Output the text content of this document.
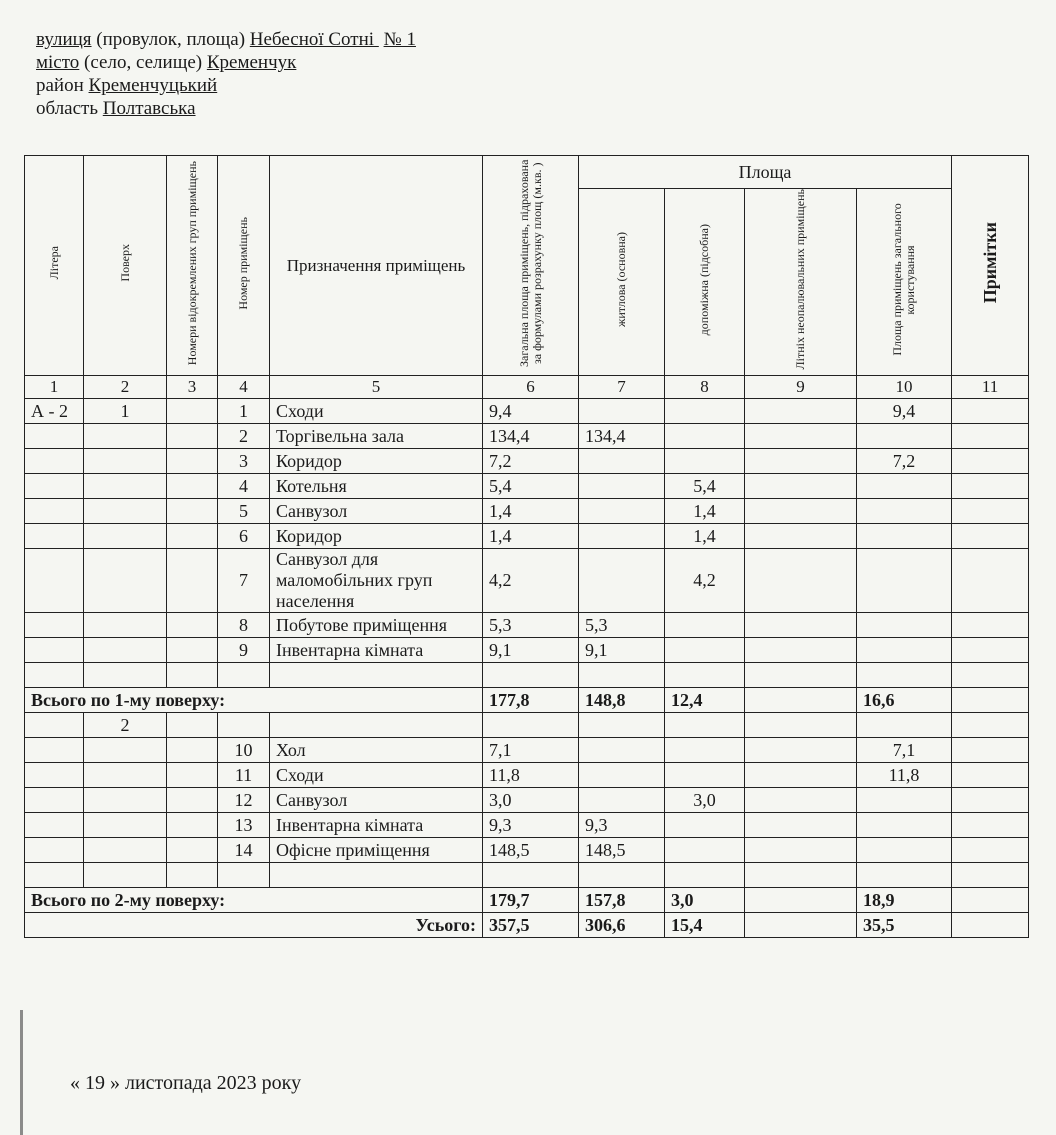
вулиця (провулок, площа) Небесної Сотні  № 1
місто (село, селище) Кременчук
район Кременчуцький
область Полтавська
Літера	Поверх	Номери відокремлених груп приміщень	Номер приміщень	Призначення приміщень	Загальна площа приміщень, підрахована за формулами розрахунку площ (м.кв. )	Площа				Примітки
						житлова (основна)	допоміжна (підсобна)	Літніх неопалювальних приміщень	Площа приміщень загального користування	
1	2	3	4	5	6	7	8	9	10	11
А - 2	1		1	Сходи	9,4				9,4	
			2	Торгівельна зала	134,4	134,4				
			3	Коридор	7,2				7,2	
			4	Котельня	5,4		5,4			
			5	Санвузол	1,4		1,4			
			6	Коридор	1,4		1,4			
			7	Санвузол для маломобільних груп населення	4,2		4,2			
			8	Побутове приміщення	5,3	5,3				
			9	Інвентарна кімната	9,1	9,1				

Всього по 1-му поверху:					177,8	148,8	12,4		16,6	
	2									
			10	Хол	7,1				7,1	
			11	Сходи	11,8				11,8	
			12	Санвузол	3,0		3,0			
			13	Інвентарна кімната	9,3	9,3				
			14	Офісне приміщення	148,5	148,5				

Всього по 2-му поверху:					179,7	157,8	3,0		18,9	
Усього:					357,5	306,6	15,4		35,5	
« 19 » листопада 2023 року
